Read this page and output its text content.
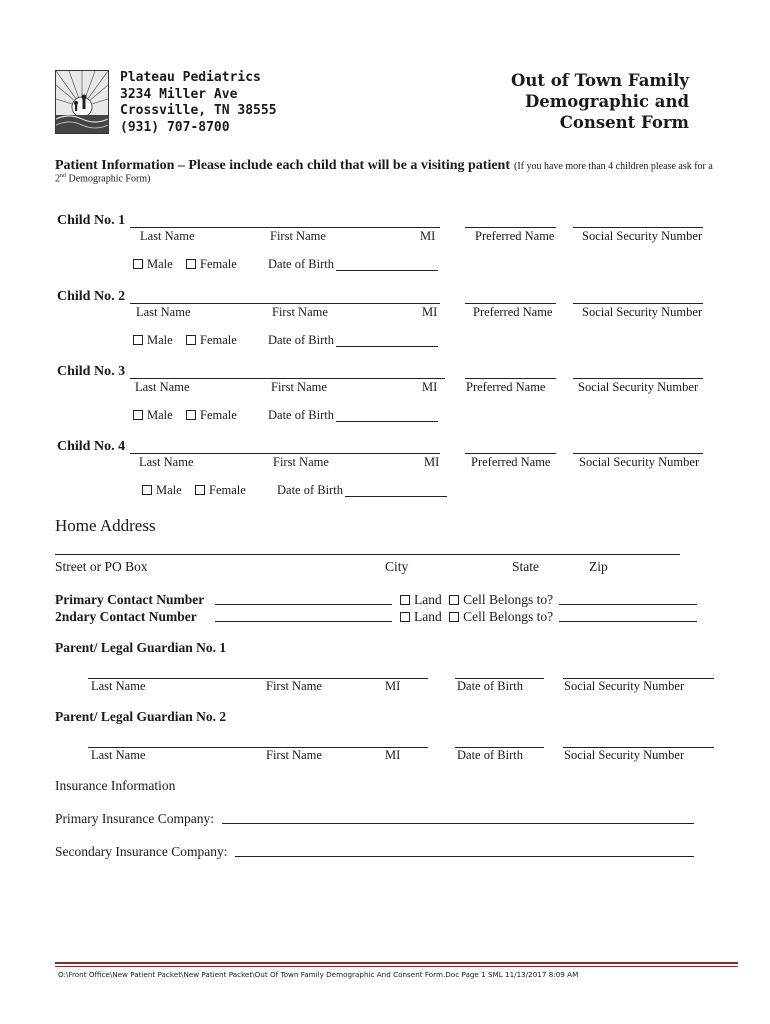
Plateau Pediatrics
3234 Miller Ave
Crossville, TN 38555
(931) 707-8700
Out of Town Family
Demographic and
Consent Form
Patient Information – Please include each child that will be a visiting patient (If you have more than 4 children please ask for a
2nd Demographic Form)
Child No. 1
Last Name	First Name	MI	Preferred Name Social Security Number
Male	Female Date of Birth
Child No. 2
Last Name	First Name	MI	Preferred Name Social Security Number
Male	Female Date of Birth
Child No. 3
Last Name	First Name	MI Preferred Name	Social Security Number
Male	Female Date of Birth
Child No. 4
Last Name	First Name	MI	Preferred Name Social Security Number
Male	Female Date of Birth
Home Address
Street or PO Box	City	State	Zip
Primary Contact Number	Land Cell Belongs to?
2ndary Contact Number	Land Cell Belongs to?
Parent/ Legal Guardian No. 1
Last Name	First Name	MI	Date of Birth	Social Security Number
Parent/ Legal Guardian No. 2
Last Name	First Name	MI	Date of Birth	Social Security Number
Insurance Information
Primary Insurance Company:
Secondary Insurance Company:
O:\Front Office\New Patient Packet\New Patient Packet\Out Of Town Family Demographic And Consent Form.Doc Page 1 SML 11/13/2017 8:09 AM
